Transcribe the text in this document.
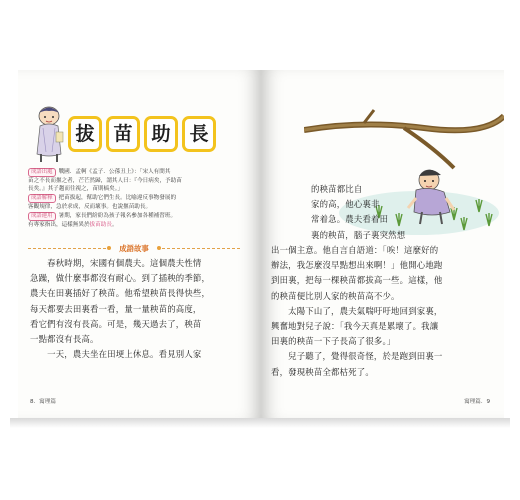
拔 苗 助 長
成語出處 戰國．孟軻《孟子．公孫丑上》：「宋人有閔其
苗之不長而揠之者，芒芒然歸，謂其人曰：『今日病矣，予助苗
長矣。』其子趨而往視之，苗則槁矣。」
成語解釋 把苗拔起，幫助它們生長。比喻違反事物發展的
客觀規律，急於求成，反而壞事。也說揠苗助長。
成語運用 暑期，家長們紛紛為孩子報名參加各種補習班。
有專家指出，這樣無異於拔苗助長。
成語故事

　　春秋時期，宋國有個農夫。這個農夫性情

急躁，做什麼事都沒有耐心。到了插秧的季節，

農夫在田裏插好了秧苗。他希望秧苗長得快些，

每天都要去田裏看一看，量一量秧苗的高度，

看它們有沒有長高。可是，幾天過去了，秧苗

一點都沒有長高。

　　一天，農夫坐在田埂上休息。看見別人家

8．寓理篇

的秧苗都比自

家的高，他心裏非

常着急。農夫看着田

裏的秧苗，腦子裏突然想

出一個主意。他自言自語道：「唉！這麼好的

辦法，我怎麼沒早點想出來啊！」他開心地跑

到田裏，把每一棵秧苗都拔高一些。這樣，他

的秧苗便比別人家的秧苗高不少。

　　太陽下山了，農夫氣喘吁吁地回到家裏，

興奮地對兒子說：「我今天真是累壞了。我讓

田裏的秧苗一下子長高了很多。」

　　兒子聽了，覺得很奇怪，於是跑到田裏一

看，發現秧苗全都枯死了。

寓理篇．9
